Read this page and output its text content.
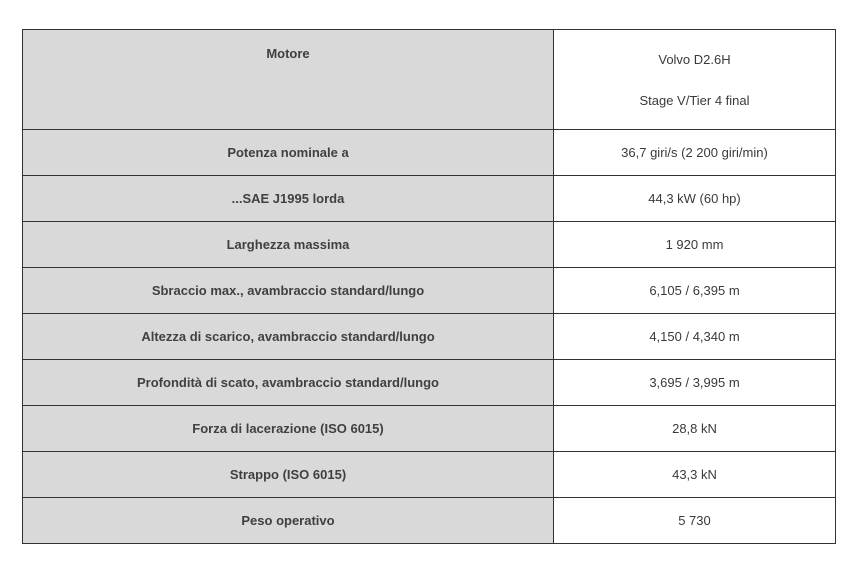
Motore	Volvo D2.6H
Stage V/Tier 4 final

Potenza nominale a	36,7 giri/s (2 200 giri/min)
...SAE J1995 lorda	44,3 kW (60 hp)
Larghezza massima	1 920 mm
Sbraccio max., avambraccio standard/lungo	6,105 / 6,395 m
Altezza di scarico, avambraccio standard/lungo	4,150 / 4,340 m
Profondità di scato, avambraccio standard/lungo	3,695 / 3,995 m
Forza di lacerazione (ISO 6015)	28,8 kN
Strappo (ISO 6015)	43,3 kN
Peso operativo	5 730
